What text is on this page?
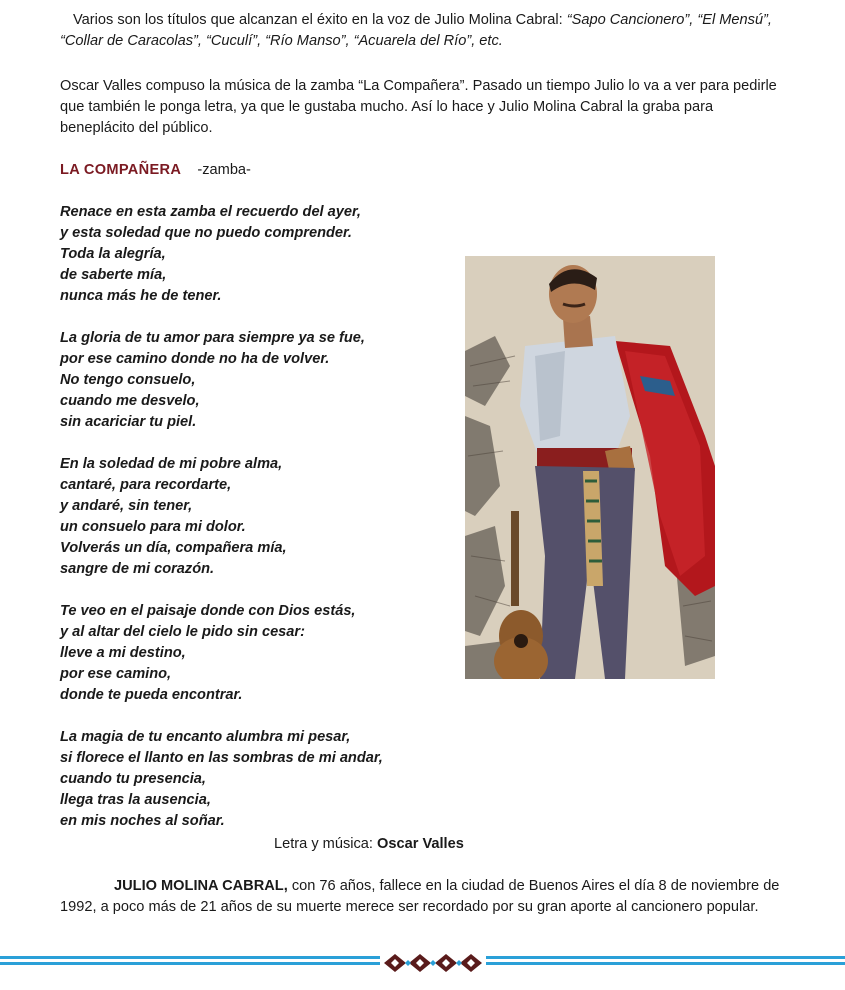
Varios son los títulos que alcanzan el éxito en la voz de Julio Molina Cabral: “Sapo Cancionero”, “El Mensú”, “Collar de Caracolas”, “Cuculí”, “Río Manso”, “Acuarela del Río”, etc.

Oscar Valles compuso la música de la zamba “La Compañera”. Pasado un tiempo Julio lo va a ver para pedirle que también le ponga letra, ya que le gustaba mucho. Así lo hace y Julio Molina Cabral la graba para beneplácito del público.

LA COMPAÑERA -zamba-
Renace en esta zamba el recuerdo del ayer,
y esta soledad que no puedo comprender.
Toda la alegría,
de saberte mía,
nunca más he de tener.
La gloria de tu amor para siempre ya se fue,
por ese camino donde no ha de volver.
No tengo consuelo,
cuando me desvelo,
sin acariciar tu piel.
En la soledad de mi pobre alma,
cantaré, para recordarte,
y andaré, sin tener,
un consuelo para mi dolor.
Volverás un día, compañera mía,
sangre de mi corazón.
Te veo en el paisaje donde con Dios estás,
y al altar del cielo le pido sin cesar:
lleve a mi destino,
por ese camino,
donde te pueda encontrar.
La magia de tu encanto alumbra mi pesar,
si florece el llanto en las sombras de mi andar,
cuando tu presencia,
llega tras la ausencia,
en mis noches al soñar.
Letra y música: Oscar Valles

JULIO MOLINA CABRAL, con 76 años, fallece en la ciudad de Buenos Aires el día 8 de noviembre de 1992, a poco más de 21 años de su muerte merece ser recordado por su gran aporte al cancionero popular.
